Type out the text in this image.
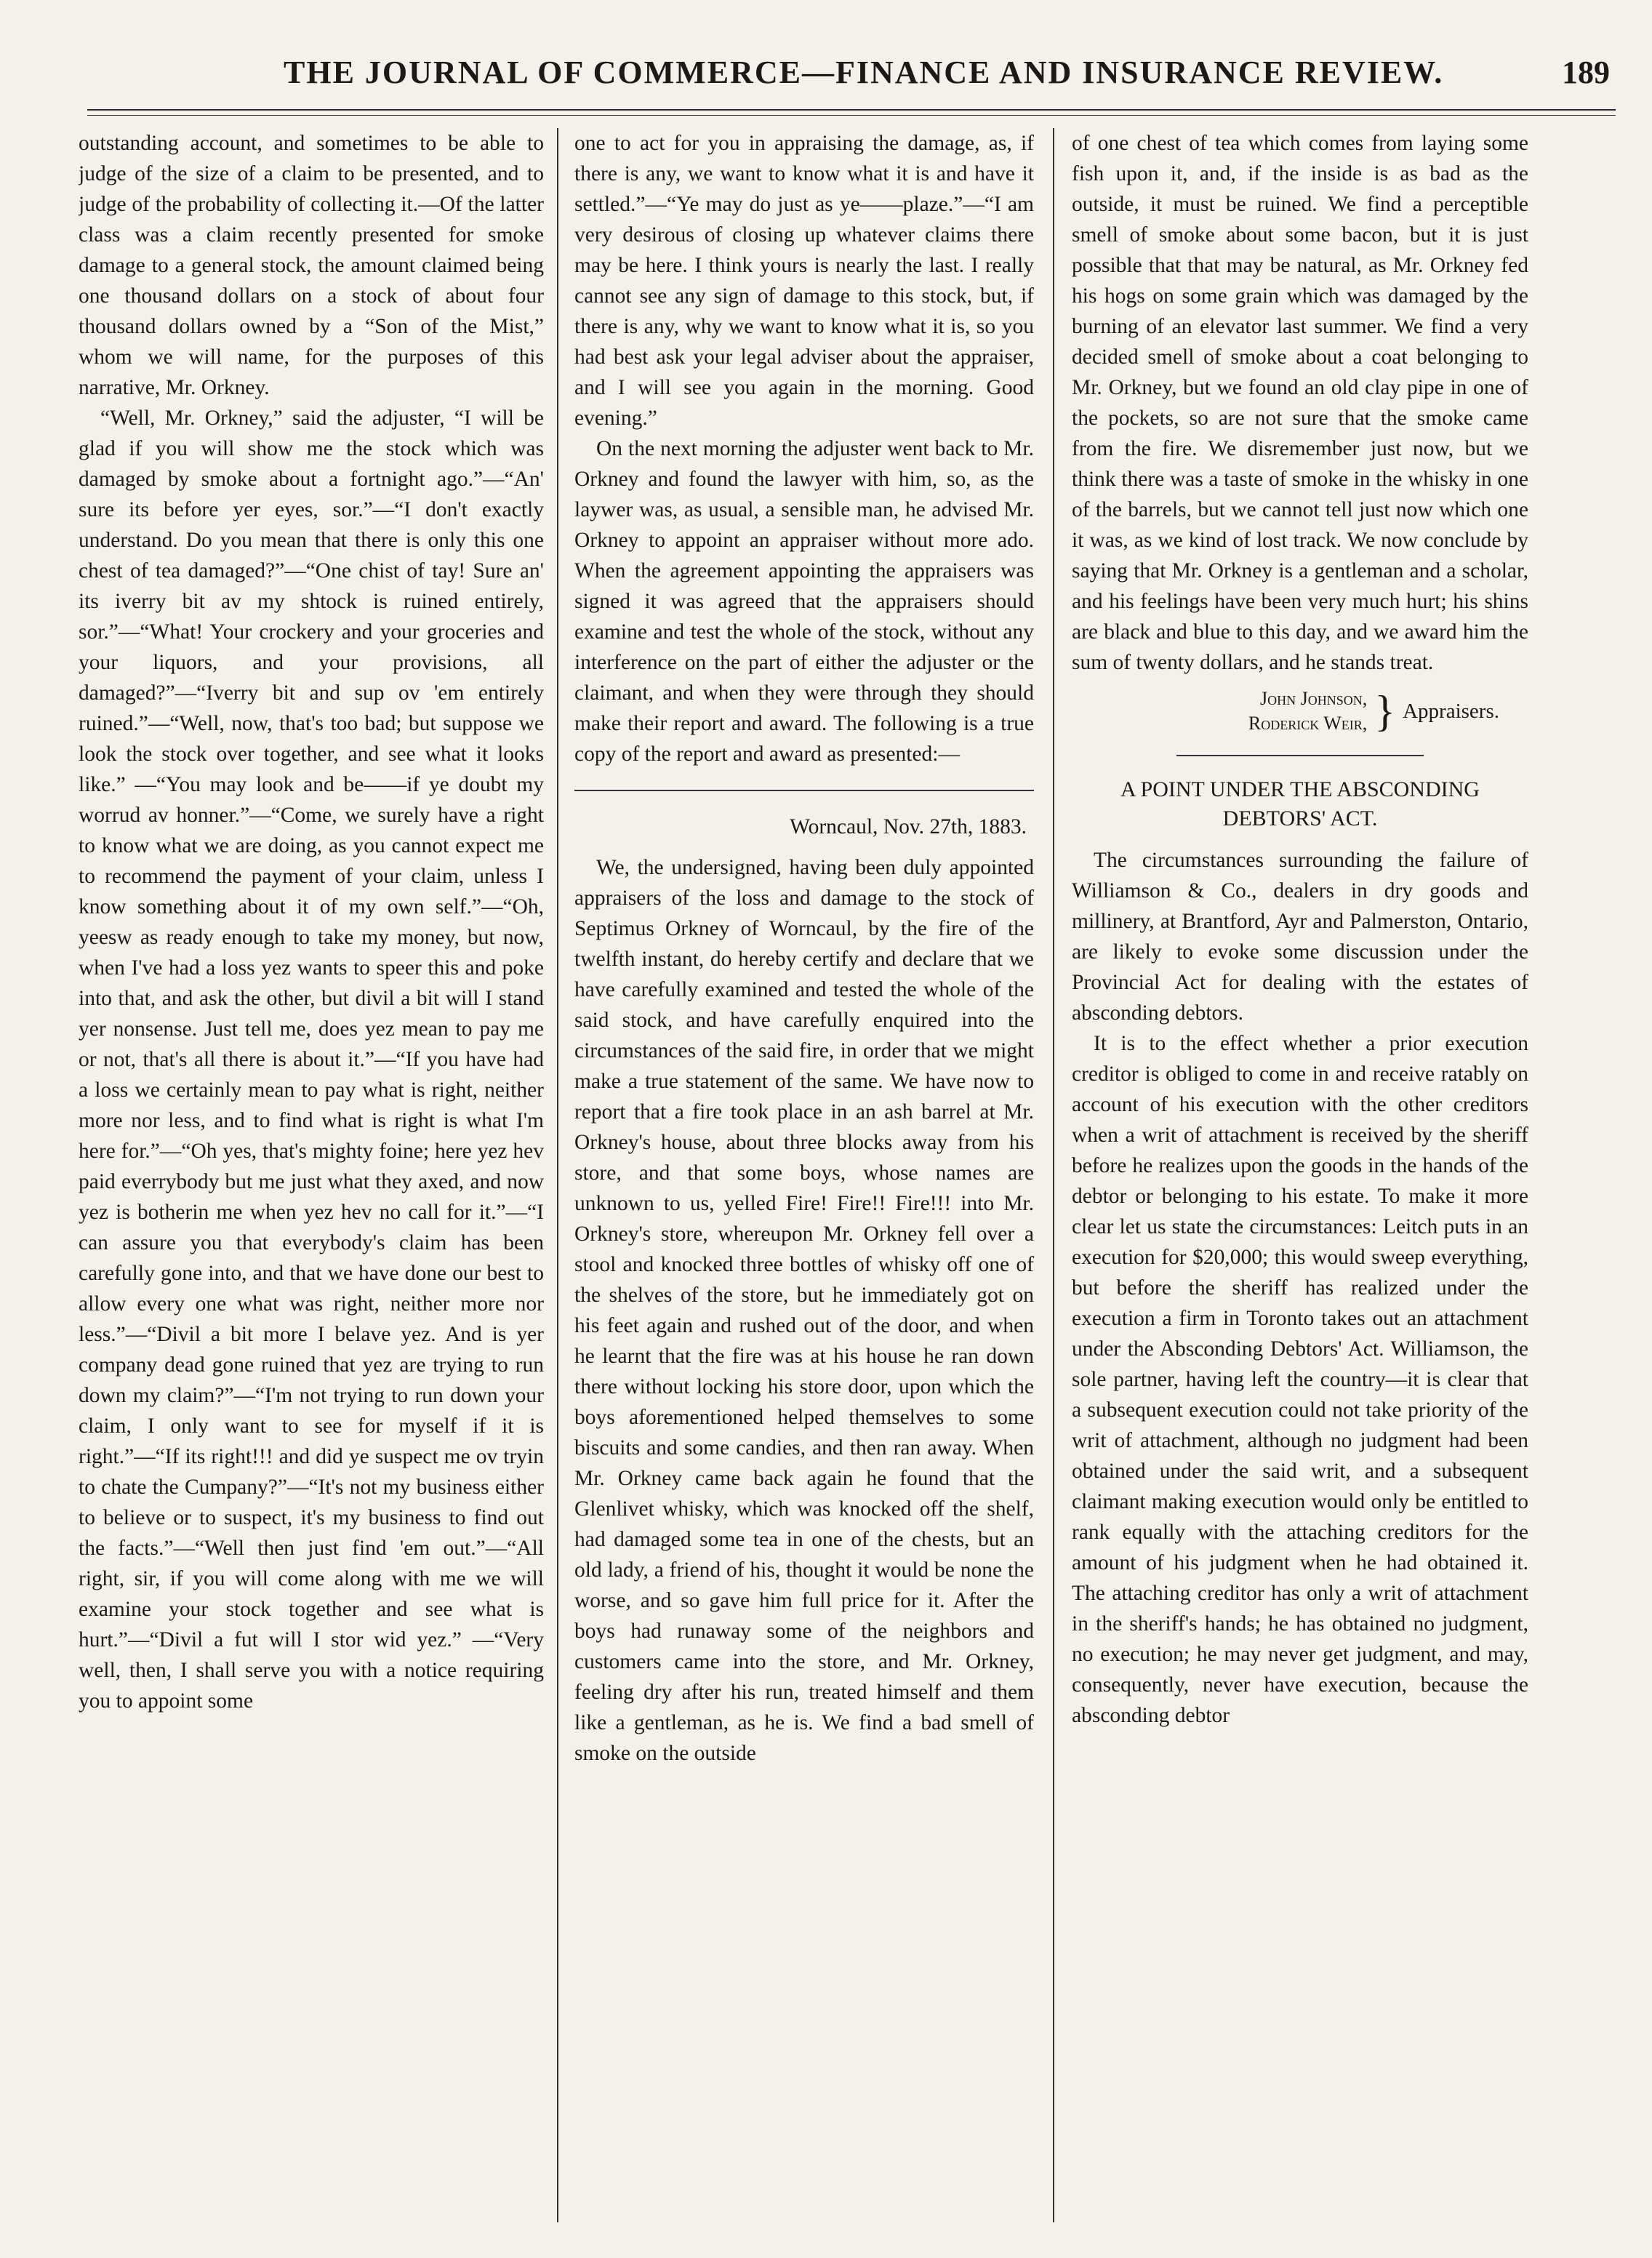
THE JOURNAL OF COMMERCE—FINANCE AND INSURANCE REVIEW.	189

outstanding account, and sometimes to be able to judge of the size of a claim to be presented, and to judge of the probability of collecting it.—Of the latter class was a claim recently presented for smoke damage to a general stock, the amount claimed being one thousand dollars on a stock of about four thousand dollars owned by a “Son of the Mist,” whom we will name, for the purposes of this narrative, Mr. Orkney.

“Well, Mr. Orkney,” said the adjuster, “I will be glad if you will show me the stock which was damaged by smoke about a fortnight ago.”—“An' sure its before yer eyes, sor.”—“I don't exactly understand. Do you mean that there is only this one chest of tea damaged?”—“One chist of tay! Sure an' its iverry bit av my shtock is ruined entirely, sor.”—“What! Your crockery and your groceries and your liquors, and your provisions, all damaged?”—“Iverry bit and sup ov 'em entirely ruined.”—“Well, now, that's too bad; but suppose we look the stock over together, and see what it looks like.” —“You may look and be——if ye doubt my worrud av honner.”—“Come, we surely have a right to know what we are doing, as you cannot expect me to recommend the payment of your claim, unless I know something about it of my own self.”—“Oh, yeesw as ready enough to take my money, but now, when I've had a loss yez wants to speer this and poke into that, and ask the other, but divil a bit will I stand yer nonsense. Just tell me, does yez mean to pay me or not, that's all there is about it.”—“If you have had a loss we certainly mean to pay what is right, neither more nor less, and to find what is right is what I'm here for.”—“Oh yes, that's mighty foine; here yez hev paid everrybody but me just what they axed, and now yez is botherin me when yez hev no call for it.”—“I can assure you that everybody's claim has been carefully gone into, and that we have done our best to allow every one what was right, neither more nor less.”—“Divil a bit more I belave yez. And is yer company dead gone ruined that yez are trying to run down my claim?”—“I'm not trying to run down your claim, I only want to see for myself if it is right.”—“If its right!!! and did ye suspect me ov tryin to chate the Cumpany?”—“It's not my business either to believe or to suspect, it's my business to find out the facts.”—“Well then just find 'em out.”—“All right, sir, if you will come along with me we will examine your stock together and see what is hurt.”—“Divil a fut will I stor wid yez.” —“Very well, then, I shall serve you with a notice requiring you to appoint some

one to act for you in appraising the damage, as, if there is any, we want to know what it is and have it settled.”—“Ye may do just as ye——plaze.”—“I am very desirous of closing up whatever claims there may be here. I think yours is nearly the last. I really cannot see any sign of damage to this stock, but, if there is any, why we want to know what it is, so you had best ask your legal adviser about the appraiser, and I will see you again in the morning. Good evening.”

On the next morning the adjuster went back to Mr. Orkney and found the lawyer with him, so, as the laywer was, as usual, a sensible man, he advised Mr. Orkney to appoint an appraiser without more ado. When the agreement appointing the appraisers was signed it was agreed that the appraisers should examine and test the whole of the stock, without any interference on the part of either the adjuster or the claimant, and when they were through they should make their report and award. The following is a true copy of the report and award as presented:—

Worncaul, Nov. 27th, 1883.

We, the undersigned, having been duly appointed appraisers of the loss and damage to the stock of Septimus Orkney of Worncaul, by the fire of the twelfth instant, do hereby certify and declare that we have carefully examined and tested the whole of the said stock, and have carefully enquired into the circumstances of the said fire, in order that we might make a true statement of the same. We have now to report that a fire took place in an ash barrel at Mr. Orkney's house, about three blocks away from his store, and that some boys, whose names are unknown to us, yelled Fire! Fire!! Fire!!! into Mr. Orkney's store, whereupon Mr. Orkney fell over a stool and knocked three bottles of whisky off one of the shelves of the store, but he immediately got on his feet again and rushed out of the door, and when he learnt that the fire was at his house he ran down there without locking his store door, upon which the boys aforementioned helped themselves to some biscuits and some candies, and then ran away. When Mr. Orkney came back again he found that the Glenlivet whisky, which was knocked off the shelf, had damaged some tea in one of the chests, but an old lady, a friend of his, thought it would be none the worse, and so gave him full price for it. After the boys had runaway some of the neighbors and customers came into the store, and Mr. Orkney, feeling dry after his run, treated himself and them like a gentleman, as he is. We find a bad smell of smoke on the outside

of one chest of tea which comes from laying some fish upon it, and, if the inside is as bad as the outside, it must be ruined. We find a perceptible smell of smoke about some bacon, but it is just possible that that may be natural, as Mr. Orkney fed his hogs on some grain which was damaged by the burning of an elevator last summer. We find a very decided smell of smoke about a coat belonging to Mr. Orkney, but we found an old clay pipe in one of the pockets, so are not sure that the smoke came from the fire. We disremember just now, but we think there was a taste of smoke in the whisky in one of the barrels, but we cannot tell just now which one it was, as we kind of lost track. We now conclude by saying that Mr. Orkney is a gentleman and a scholar, and his feelings have been very much hurt; his shins are black and blue to this day, and we award him the sum of twenty dollars, and he stands treat.

John Johnson,
Roderick Weir, } Appraisers.
A POINT UNDER THE ABSCONDING
DEBTORS' ACT.

The circumstances surrounding the failure of Williamson & Co., dealers in dry goods and millinery, at Brantford, Ayr and Palmerston, Ontario, are likely to evoke some discussion under the Provincial Act for dealing with the estates of absconding debtors.

It is to the effect whether a prior execution creditor is obliged to come in and receive ratably on account of his execution with the other creditors when a writ of attachment is received by the sheriff before he realizes upon the goods in the hands of the debtor or belonging to his estate. To make it more clear let us state the circumstances: Leitch puts in an execution for $20,000; this would sweep everything, but before the sheriff has realized under the execution a firm in Toronto takes out an attachment under the Absconding Debtors' Act. Williamson, the sole partner, having left the country—it is clear that a subsequent execution could not take priority of the writ of attachment, although no judgment had been obtained under the said writ, and a subsequent claimant making execution would only be entitled to rank equally with the attaching creditors for the amount of his judgment when he had obtained it. The attaching creditor has only a writ of attachment in the sheriff's hands; he has obtained no judgment, no execution; he may never get judgment, and may, consequently, never have execution, because the absconding debtor
